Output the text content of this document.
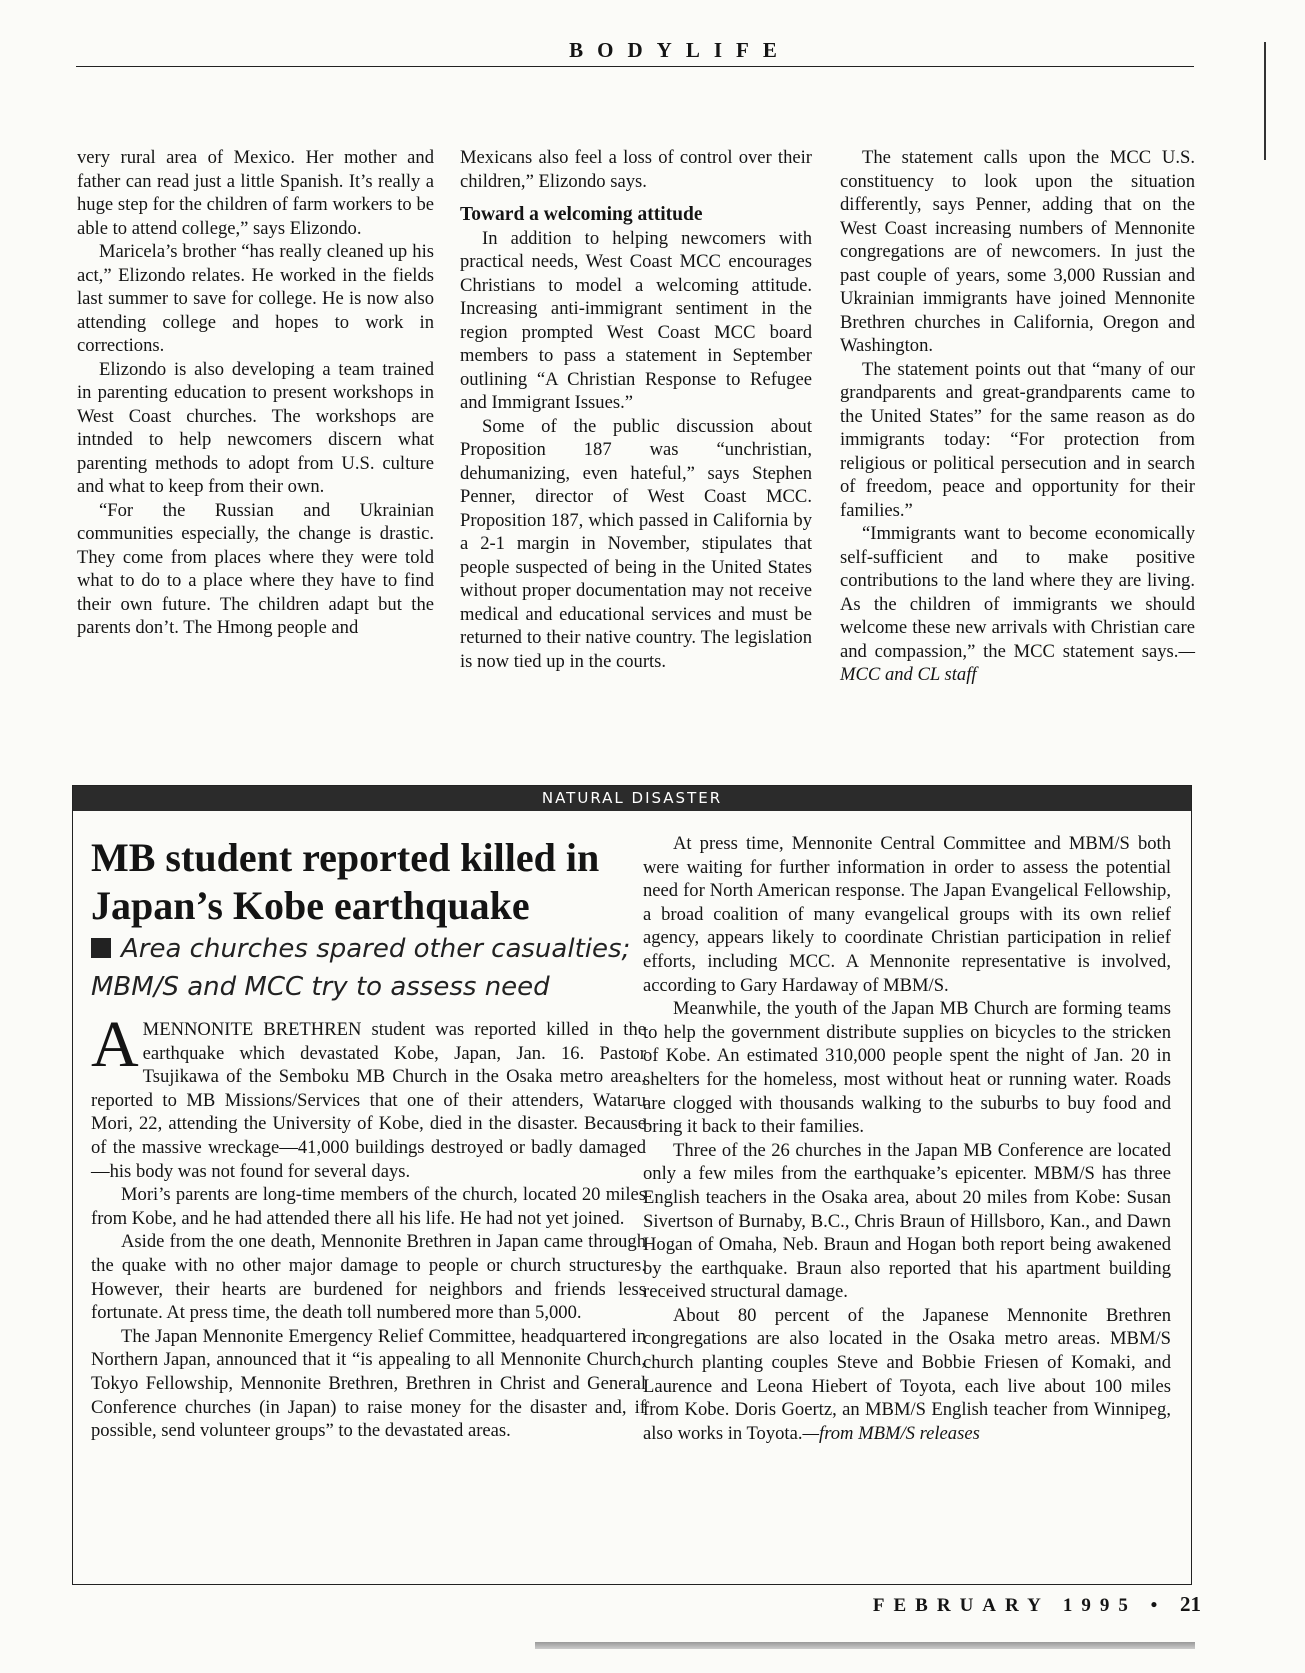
BODYLIFE

very rural area of Mexico. Her mother and father can read just a little Spanish. It’s really a huge step for the children of farm workers to be able to attend college,” says Elizondo.

Maricela’s brother “has really cleaned up his act,” Elizondo relates. He worked in the fields last summer to save for college. He is now also attending college and hopes to work in corrections.

Elizondo is also developing a team trained in parenting education to present workshops in West Coast churches. The workshops are intnded to help newcomers discern what parenting methods to adopt from U.S. culture and what to keep from their own.

“For the Russian and Ukrainian communities especially, the change is drastic. They come from places where they were told what to do to a place where they have to find their own future. The children adapt but the parents don’t. The Hmong people and

Mexicans also feel a loss of control over their children,” Elizondo says.

Toward a welcoming attitude

In addition to helping newcomers with practical needs, West Coast MCC encourages Christians to model a welcoming attitude. Increasing anti-immigrant sentiment in the region prompted West Coast MCC board members to pass a statement in September outlining “A Christian Response to Refugee and Immigrant Issues.”

Some of the public discussion about Proposition 187 was “unchristian, dehumanizing, even hateful,” says Stephen Penner, director of West Coast MCC. Proposition 187, which passed in California by a 2-1 margin in November, stipulates that people suspected of being in the United States without proper documentation may not receive medical and educational services and must be returned to their native country. The legislation is now tied up in the courts.

The statement calls upon the MCC U.S. constituency to look upon the situation differently, says Penner, adding that on the West Coast increasing numbers of Mennonite congregations are of newcomers. In just the past couple of years, some 3,000 Russian and Ukrainian immigrants have joined Mennonite Brethren churches in California, Oregon and Washington.

The statement points out that “many of our grandparents and great-grandparents came to the United States” for the same reason as do immigrants today: “For protection from religious or political persecution and in search of freedom, peace and opportunity for their families.”

“Immigrants want to become economically self-sufficient and to make positive contributions to the land where they are living. As the children of immigrants we should welcome these new arrivals with Christian care and compassion,” the MCC statement says.—MCC and CL staff

NATURAL DISASTER
MB student reported killed in Japan’s Kobe earthquake
Area churches spared other casualties; MBM/S and MCC try to assess need

AMENNONITE BRETHREN student was reported killed in the earthquake which devastated Kobe, Japan, Jan. 16. Pastor Tsujikawa of the Semboku MB Church in the Osaka metro area, reported to MB Missions/Services that one of their attenders, Wataru Mori, 22, attending the University of Kobe, died in the disaster. Because of the massive wreckage—41,000 buildings destroyed or badly damaged—his body was not found for several days.

Mori’s parents are long-time members of the church, located 20 miles from Kobe, and he had attended there all his life. He had not yet joined.

Aside from the one death, Mennonite Brethren in Japan came through the quake with no other major damage to people or church structures. However, their hearts are burdened for neighbors and friends less fortunate. At press time, the death toll numbered more than 5,000.

The Japan Mennonite Emergency Relief Committee, headquartered in Northern Japan, announced that it “is appealing to all Mennonite Church, Tokyo Fellowship, Mennonite Brethren, Brethren in Christ and General Conference churches (in Japan) to raise money for the disaster and, if possible, send volunteer groups” to the devastated areas.

At press time, Mennonite Central Committee and MBM/S both were waiting for further information in order to assess the potential need for North American response. The Japan Evangelical Fellowship, a broad coalition of many evangelical groups with its own relief agency, appears likely to coordinate Christian participation in relief efforts, including MCC. A Mennonite representative is involved, according to Gary Hardaway of MBM/S.

Meanwhile, the youth of the Japan MB Church are forming teams to help the government distribute supplies on bicycles to the stricken of Kobe. An estimated 310,000 people spent the night of Jan. 20 in shelters for the homeless, most without heat or running water. Roads are clogged with thousands walking to the suburbs to buy food and bring it back to their families.

Three of the 26 churches in the Japan MB Conference are located only a few miles from the earthquake’s epicenter. MBM/S has three English teachers in the Osaka area, about 20 miles from Kobe: Susan Sivertson of Burnaby, B.C., Chris Braun of Hillsboro, Kan., and Dawn Hogan of Omaha, Neb. Braun and Hogan both report being awakened by the earthquake. Braun also reported that his apartment building received structural damage.

About 80 percent of the Japanese Mennonite Brethren congregations are also located in the Osaka metro areas. MBM/S church planting couples Steve and Bobbie Friesen of Komaki, and Laurence and Leona Hiebert of Toyota, each live about 100 miles from Kobe. Doris Goertz, an MBM/S English teacher from Winnipeg, also works in Toyota.—from MBM/S releases

FEBRUARY 1995 • 21
